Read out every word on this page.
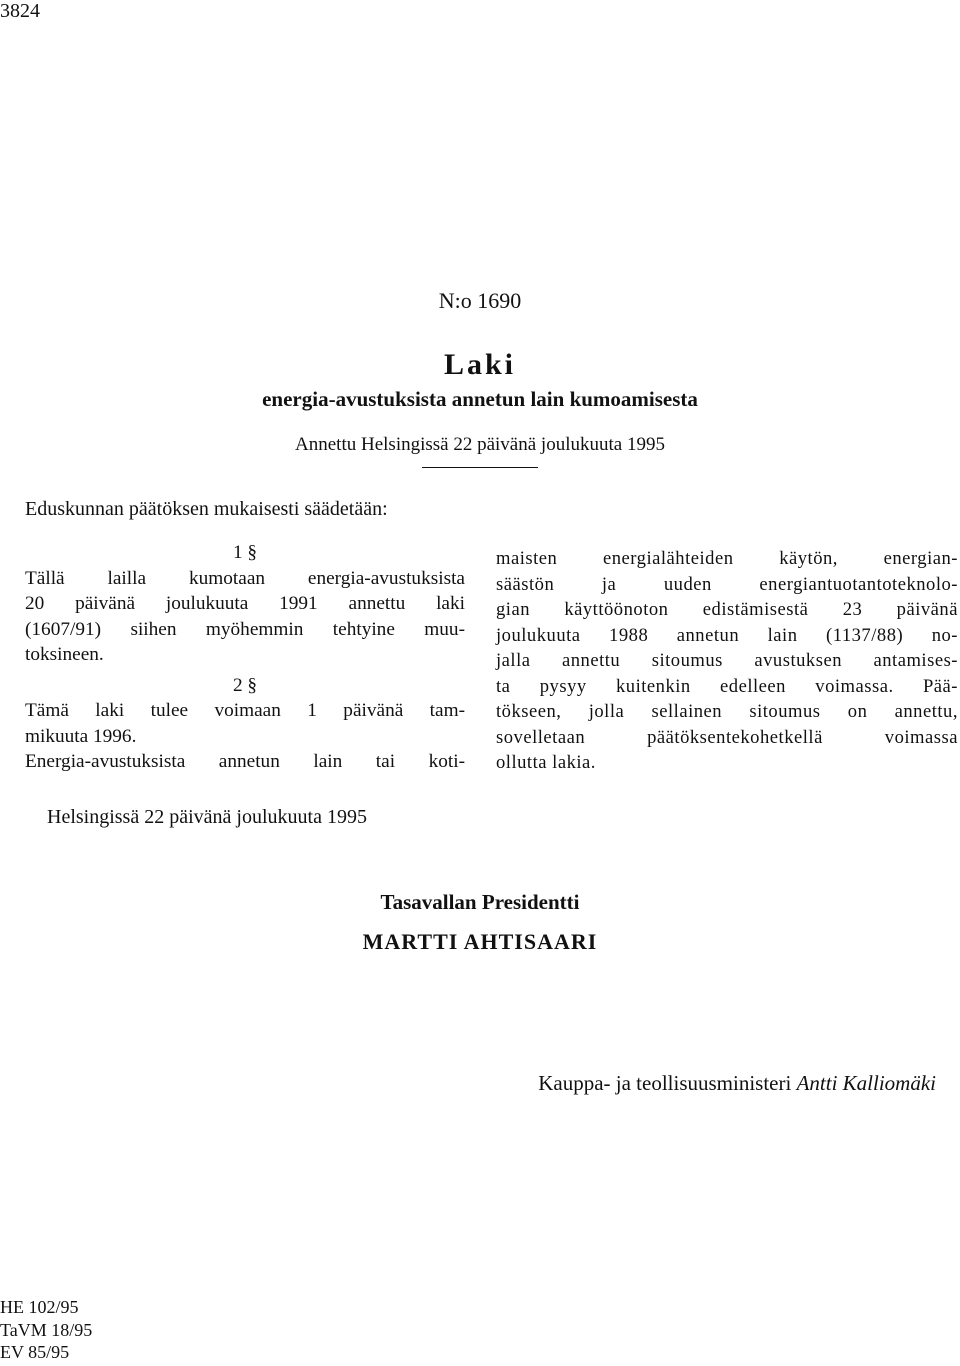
3824
N:o 1690
Laki
energia-avustuksista annetun lain kumoamisesta
Annettu Helsingissä 22 päivänä joulukuuta 1995
Eduskunnan päätöksen mukaisesti säädetään:
1 §
Tällä lailla kumotaan energia-avustuksista
20 päivänä joulukuuta 1991 annettu laki
(1607/91) siihen myöhemmin tehtyine muu-
toksineen.
2 §
Tämä laki tulee voimaan 1 päivänä tam-
mikuuta 1996.
Energia-avustuksista annetun lain tai koti-
maisten energialähteiden käytön, energian-
säästön ja uuden energiantuotantoteknolo-
gian käyttöönoton edistämisestä 23 päivänä
joulukuuta 1988 annetun lain (1137/88) no-
jalla annettu sitoumus avustuksen antamises-
ta pysyy kuitenkin edelleen voimassa. Pää-
tökseen, jolla sellainen sitoumus on annettu,
sovelletaan päätöksentekohetkellä voimassa
ollutta lakia.
Helsingissä 22 päivänä joulukuuta 1995
Tasavallan Presidentti
MARTTI AHTISAARI
Kauppa- ja teollisuusministeri Antti Kalliomäki
HE 102/95
TaVM 18/95
EV 85/95
